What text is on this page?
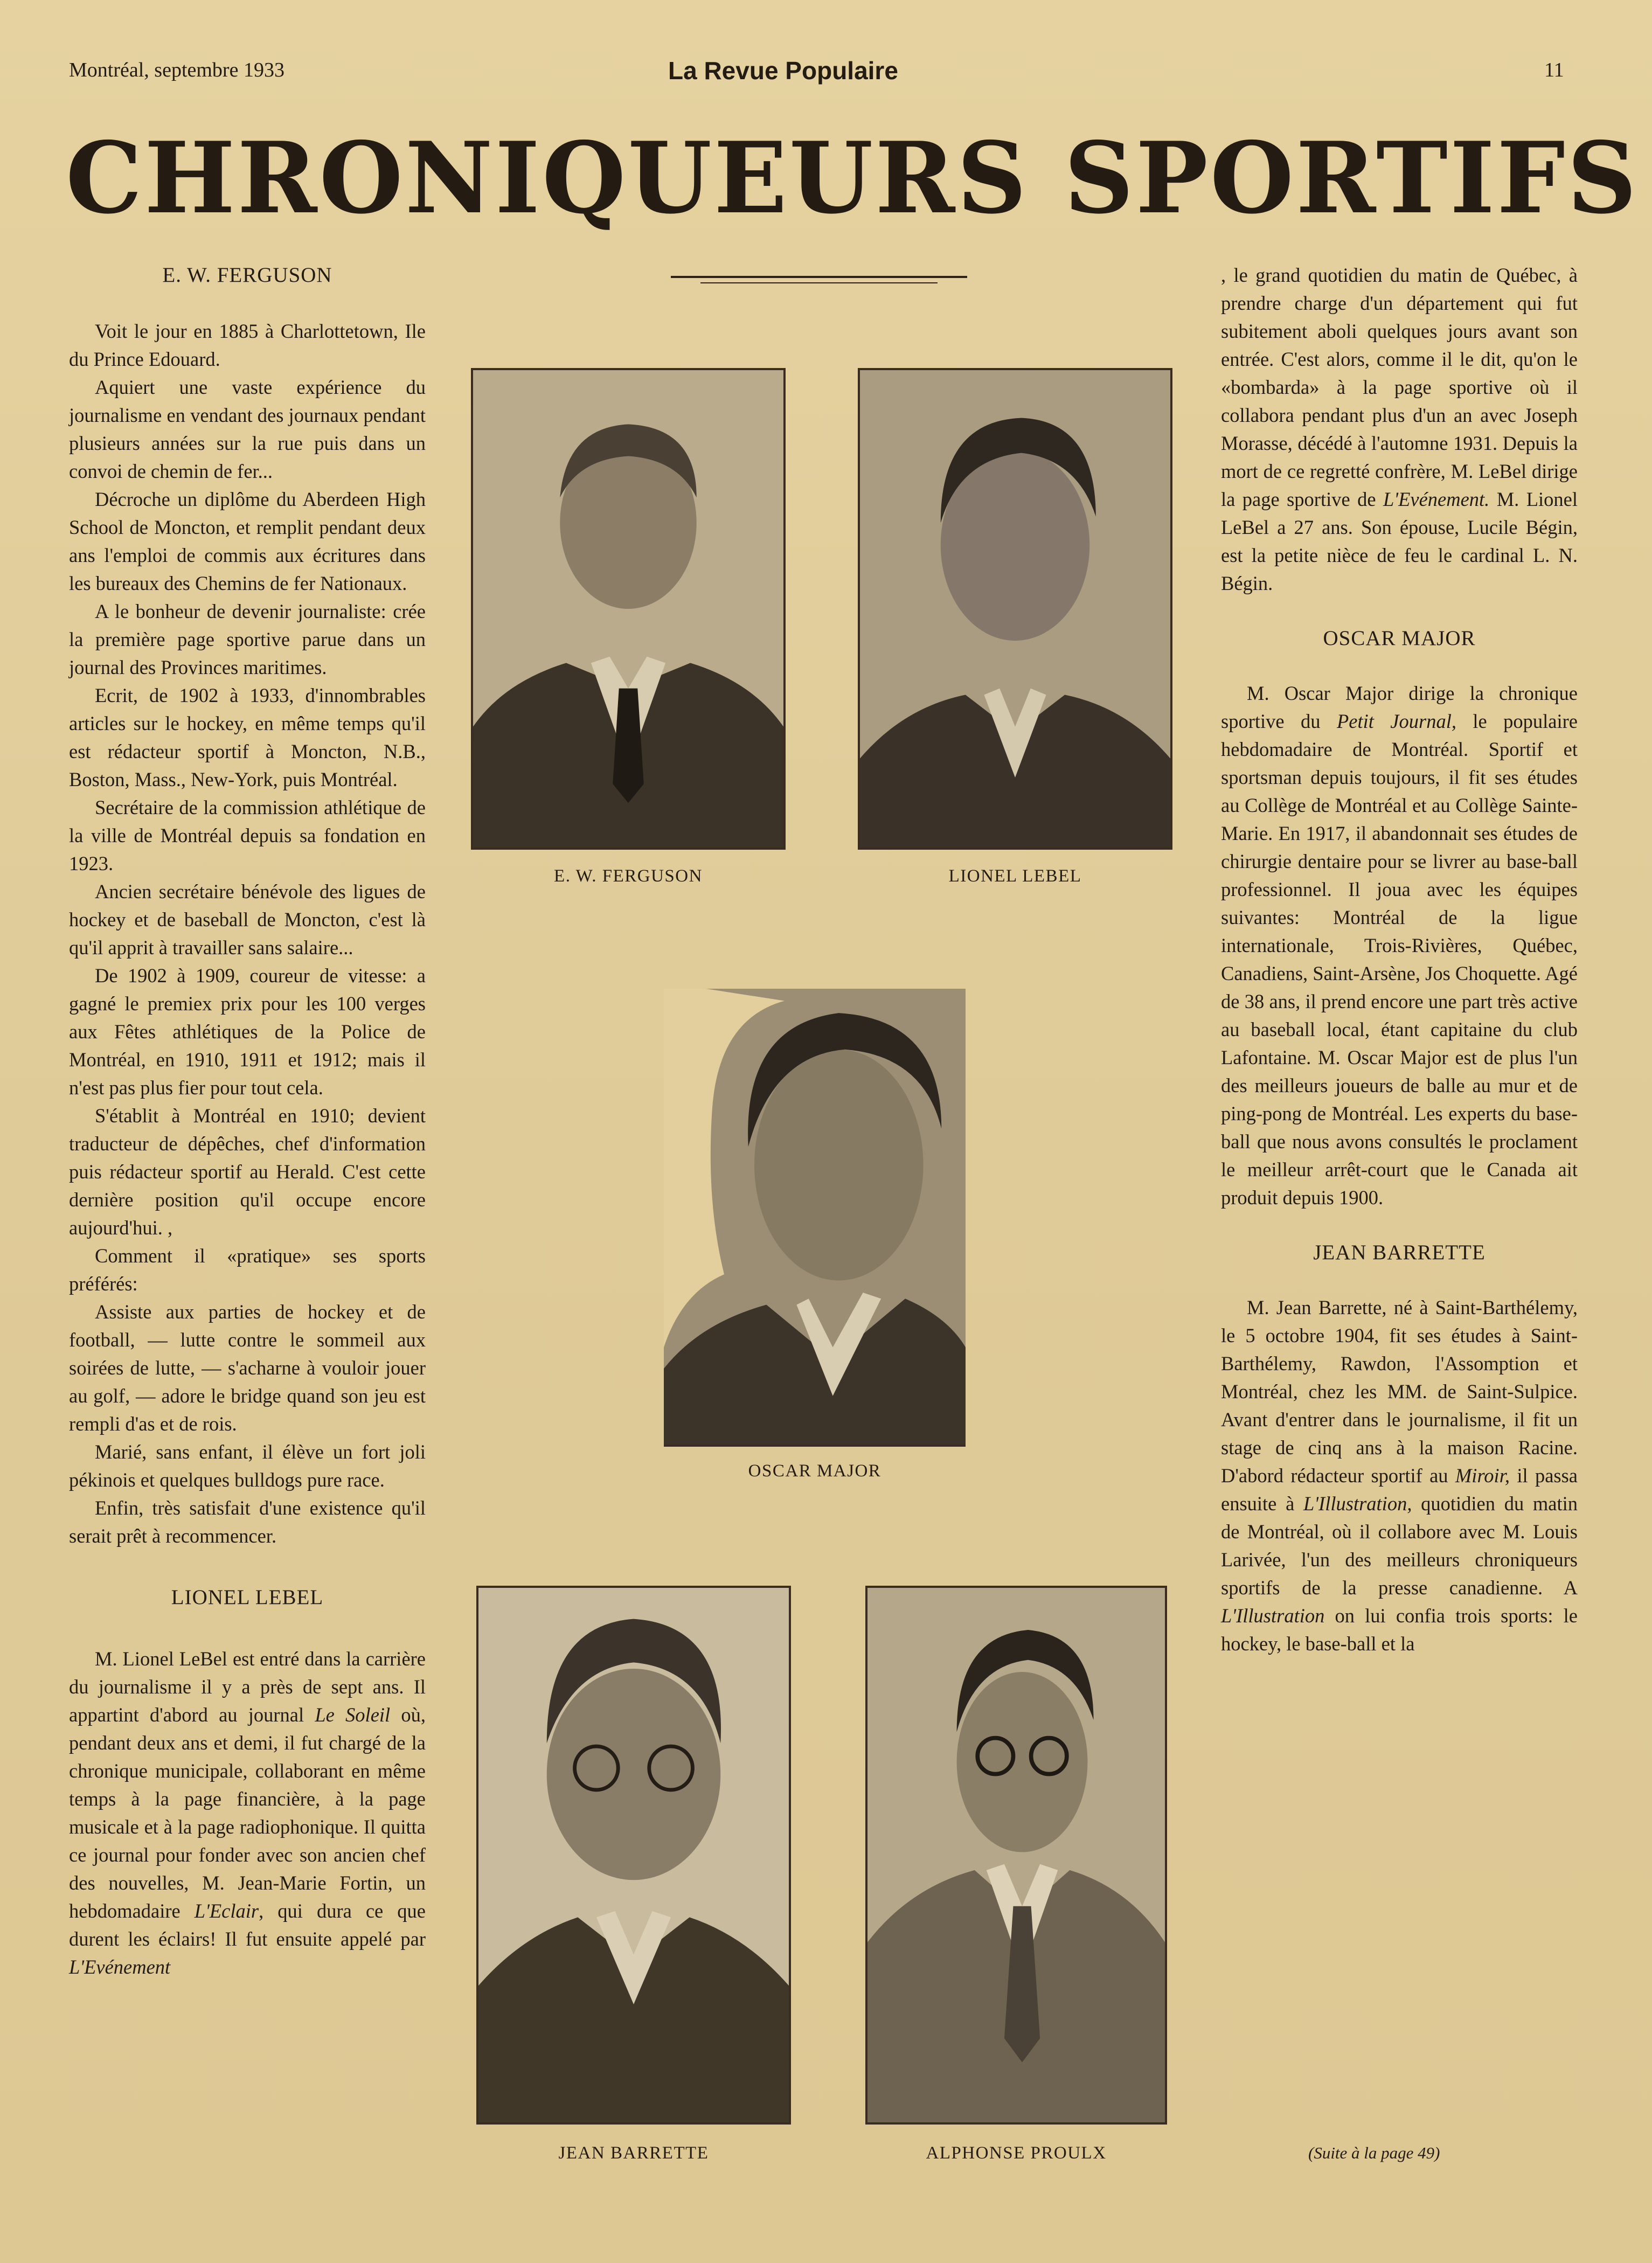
Montréal, septembre 1933	La Revue Populaire	11
CHRONIQUEURS SPORTIFS

E. W. FERGUSON

Voit le jour en 1885 à Charlottetown, Ile du Prince Edouard.

Aquiert une vaste expérience du journalisme en vendant des journaux pendant plusieurs années sur la rue puis dans un convoi de chemin de fer...

Décroche un diplôme du Aberdeen High School de Moncton, et remplit pendant deux ans l'emploi de commis aux écritures dans les bureaux des Chemins de fer Nationaux.

A le bonheur de devenir journaliste: crée la première page sportive parue dans un journal des Provinces maritimes.

Ecrit, de 1902 à 1933, d'innombrables articles sur le hockey, en même temps qu'il est rédacteur sportif à Moncton, N.B., Boston, Mass., New-York, puis Montréal.

Secrétaire de la commission athlétique de la ville de Montréal depuis sa fondation en 1923.

Ancien secrétaire bénévole des ligues de hockey et de baseball de Moncton, c'est là qu'il apprit à travailler sans salaire...

De 1902 à 1909, coureur de vitesse: a gagné le premiex prix pour les 100 verges aux Fêtes athlétiques de la Police de Montréal, en 1910, 1911 et 1912; mais il n'est pas plus fier pour tout cela.

S'établit à Montréal en 1910; devient traducteur de dépêches, chef d'information puis rédacteur sportif au Herald. C'est cette dernière position qu'il occupe encore aujourd'hui. ,

Comment il «pratique» ses sports préférés:

Assiste aux parties de hockey et de football, — lutte contre le sommeil aux soirées de lutte, — s'acharne à vouloir jouer au golf, — adore le bridge quand son jeu est rempli d'as et de rois.

Marié, sans enfant, il élève un fort joli pékinois et quelques bulldogs pure race.

Enfin, très satisfait d'une existence qu'il serait prêt à recommencer.

LIONEL LEBEL

M. Lionel LeBel est entré dans la carrière du journalisme il y a près de sept ans. Il appartint d'abord au journal Le Soleil où, pendant deux ans et demi, il fut chargé de la chronique municipale, collaborant en même temps à la page financière, à la page musicale et à la page radiophonique. Il quitta ce journal pour fonder avec son ancien chef des nouvelles, M. Jean-Marie Fortin, un hebdomadaire L'Eclair, qui dura ce que durent les éclairs! Il fut ensuite appelé par L'Evénement

, le grand quotidien du matin de Québec, à prendre charge d'un département qui fut subitement aboli quelques jours avant son entrée. C'est alors, comme il le dit, qu'on le «bombarda» à la page sportive où il collabora pendant plus d'un an avec Joseph Morasse, décédé à l'automne 1931. Depuis la mort de ce regretté confrère, M. LeBel dirige la page sportive de L'Evénement. M. Lionel LeBel a 27 ans. Son épouse, Lucile Bégin, est la petite nièce de feu le cardinal L. N. Bégin.

OSCAR MAJOR

M. Oscar Major dirige la chronique sportive du Petit Journal, le populaire hebdomadaire de Montréal. Sportif et sportsman depuis toujours, il fit ses études au Collège de Montréal et au Collège Sainte-Marie. En 1917, il abandonnait ses études de chirurgie dentaire pour se livrer au base-ball professionnel. Il joua avec les équipes suivantes: Montréal de la ligue internationale, Trois-Rivières, Québec, Canadiens, Saint-Arsène, Jos Choquette. Agé de 38 ans, il prend encore une part très active au baseball local, étant capitaine du club Lafontaine. M. Oscar Major est de plus l'un des meilleurs joueurs de balle au mur et de ping-pong de Montréal. Les experts du base-ball que nous avons consultés le proclament le meilleur arrêt-court que le Canada ait produit depuis 1900.

JEAN BARRETTE

M. Jean Barrette, né à Saint-Barthélemy, le 5 octobre 1904, fit ses études à Saint-Barthélemy, Rawdon, l'Assomption et Montréal, chez les MM. de Saint-Sulpice. Avant d'entrer dans le journalisme, il fit un stage de cinq ans à la maison Racine. D'abord rédacteur sportif au Miroir, il passa ensuite à L'Illustration, quotidien du matin de Montréal, où il collabore avec M. Louis Larivée, l'un des meilleurs chroniqueurs sportifs de la presse canadienne. A L'Illustration on lui confia trois sports: le hockey, le base-ball et la

E. W. FERGUSON	LIONEL LEBEL
OSCAR MAJOR
JEAN BARRETTE	ALPHONSE PROULX	(Suite à la page 49)
